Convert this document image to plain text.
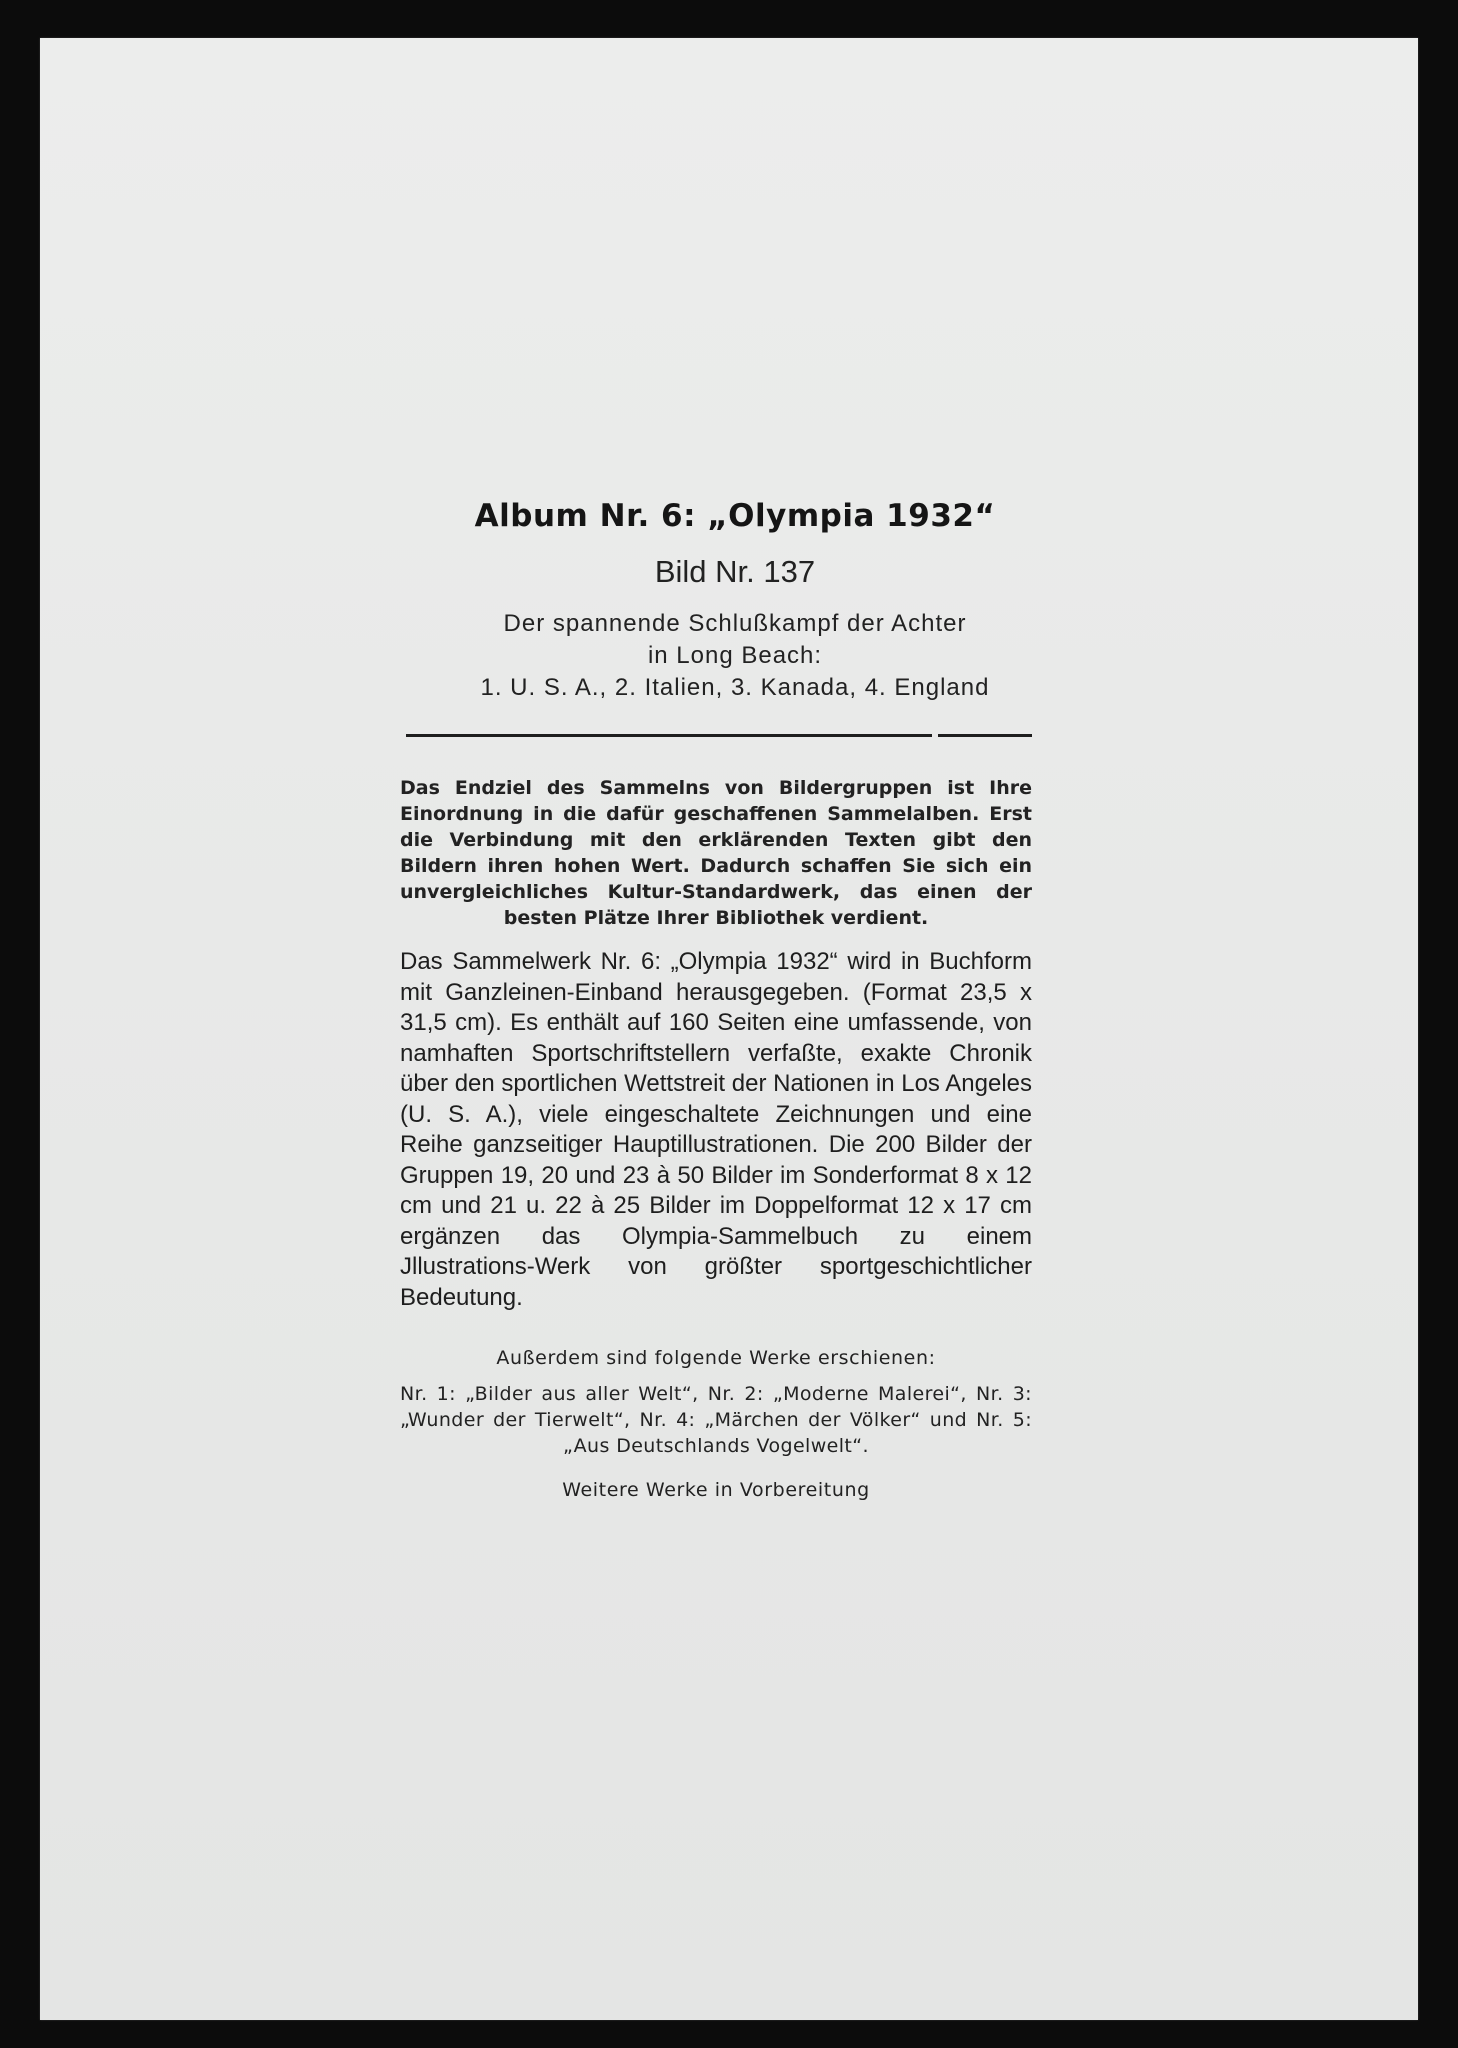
Album Nr. 6: „Olympia 1932“
Bild Nr. 137
Der spannende Schlußkampf der Achter
in Long Beach:
1. U. S. A., 2. Italien, 3. Kanada, 4. England

Das Endziel des Sammelns von Bildergruppen ist Ihre Einordnung in die dafür geschaffenen Sammelalben. Erst die Verbindung mit den erklärenden Texten gibt den Bildern ihren hohen Wert. Dadurch schaffen Sie sich ein unvergleichliches Kultur-Standardwerk, das einen der besten Plätze Ihrer Bibliothek verdient.

Das Sammelwerk Nr. 6: „Olympia 1932“ wird in Buchform mit Ganzleinen-Einband herausgegeben. (Format 23,5 x 31,5 cm). Es enthält auf 160 Seiten eine umfassende, von namhaften Sportschriftstellern verfaßte, exakte Chronik über den sportlichen Wettstreit der Nationen in Los Angeles (U. S. A.), viele eingeschaltete Zeichnungen und eine Reihe ganzseitiger Hauptillustrationen. Die 200 Bilder der Gruppen 19, 20 und 23 à 50 Bilder im Sonderformat 8 x 12 cm und 21 u. 22 à 25 Bilder im Doppelformat 12 x 17 cm ergänzen das Olympia-Sammelbuch zu einem Jllustrations-Werk von größter sportgeschichtlicher Bedeutung.

Außerdem sind folgende Werke erschienen:

Nr. 1: „Bilder aus aller Welt“, Nr. 2: „Moderne Malerei“, Nr. 3: „Wunder der Tierwelt“, Nr. 4: „Märchen der Völker“ und Nr. 5: „Aus Deutschlands Vogelwelt“.

Weitere Werke in Vorbereitung
